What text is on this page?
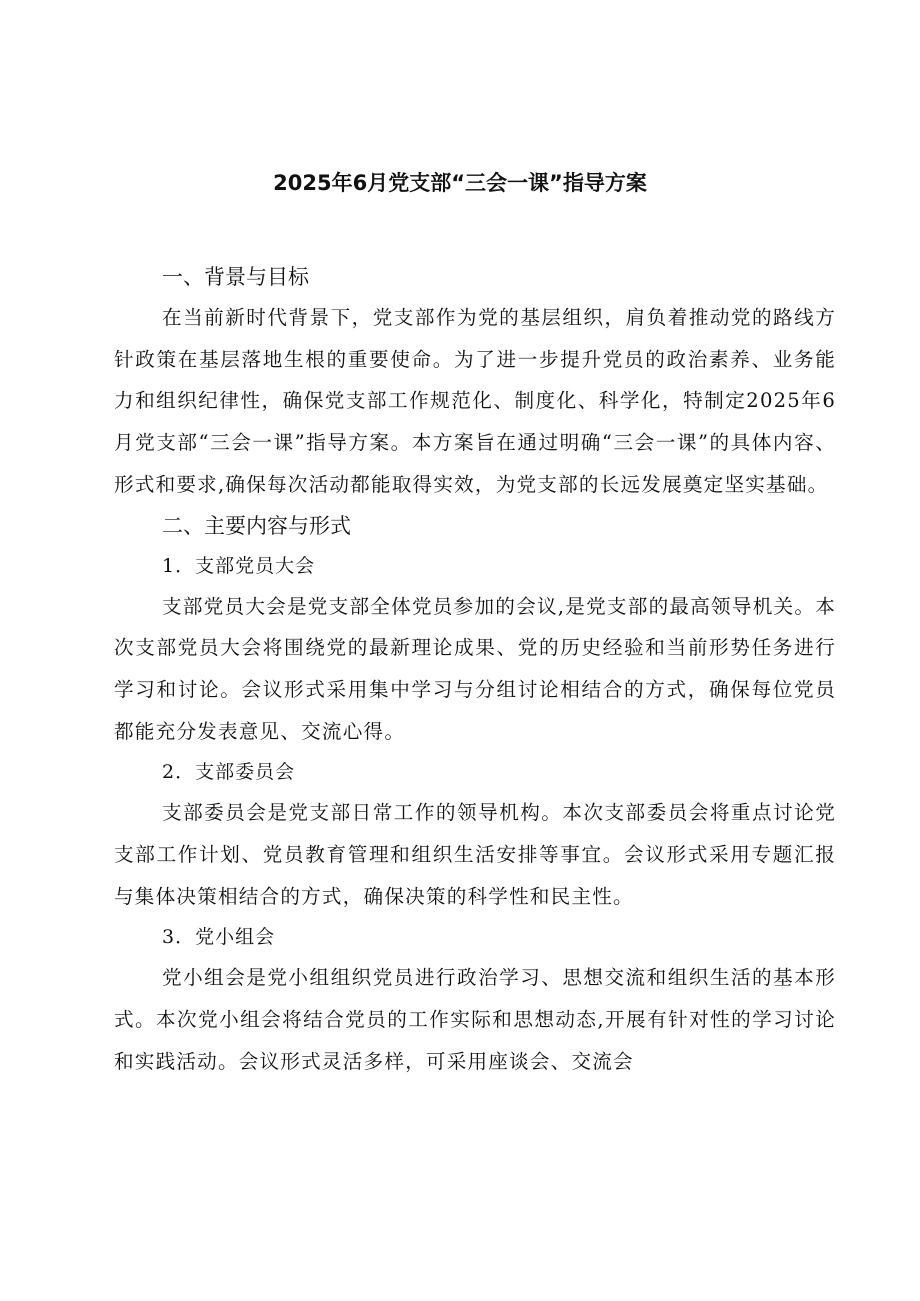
2025年6月党支部“三会一课”指导方案
一、背景与目标

在当前新时代背景下，党支部作为党的基层组织，肩负着推动党的路线方针政策在基层落地生根的重要使命。为了进一步提升党员的政治素养、业务能力和组织纪律性，确保党支部工作规范化、制度化、科学化，特制定2025年6月党支部“三会一课”指导方案。本方案旨在通过明确“三会一课”的具体内容、形式和要求,确保每次活动都能取得实效，为党支部的长远发展奠定坚实基础。

二、主要内容与形式
1．支部党员大会

支部党员大会是党支部全体党员参加的会议,是党支部的最高领导机关。本次支部党员大会将围绕党的最新理论成果、党的历史经验和当前形势任务进行学习和讨论。会议形式采用集中学习与分组讨论相结合的方式，确保每位党员都能充分发表意见、交流心得。

2．支部委员会

支部委员会是党支部日常工作的领导机构。本次支部委员会将重点讨论党支部工作计划、党员教育管理和组织生活安排等事宜。会议形式采用专题汇报与集体决策相结合的方式，确保决策的科学性和民主性。

3．党小组会

党小组会是党小组组织党员进行政治学习、思想交流和组织生活的基本形式。本次党小组会将结合党员的工作实际和思想动态,开展有针对性的学习讨论和实践活动。会议形式灵活多样，可采用座谈会、交流会
